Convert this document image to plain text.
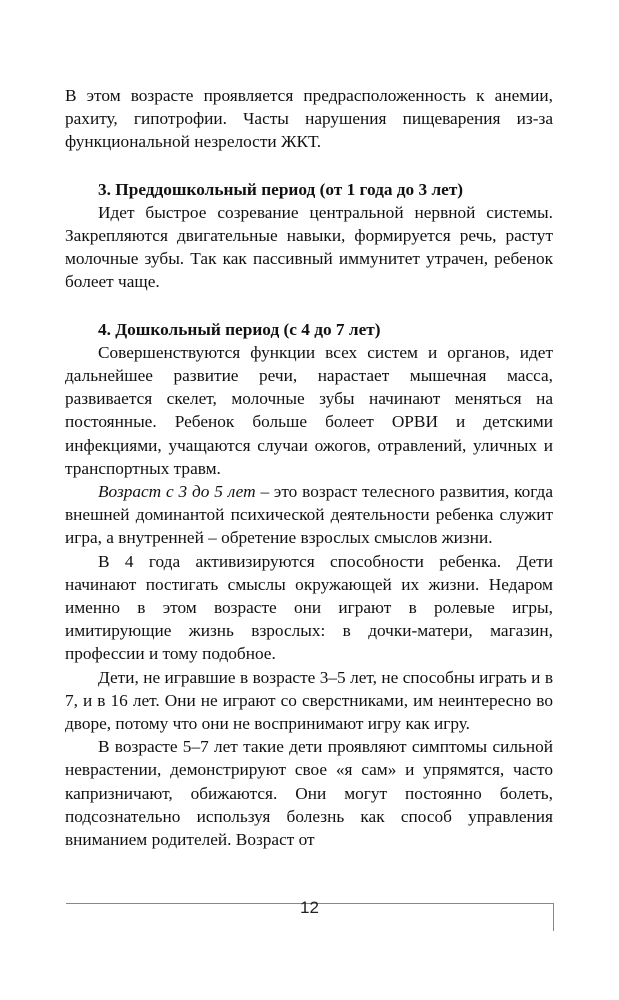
В этом возрасте проявляется предрасположенность к анемии, рахиту, гипотрофии. Часты нарушения пищеварения из-за функциональной незрелости ЖКТ.

3. Преддошкольный период (от 1 года до 3 лет)

Идет быстрое созревание центральной нервной системы. Закрепляются двигательные навыки, формируется речь, растут молочные зубы. Так как пассивный иммунитет утрачен, ребенок болеет чаще.

4. Дошкольный период (с 4 до 7 лет)

Совершенствуются функции всех систем и органов, идет дальнейшее развитие речи, нарастает мышечная масса, развивается скелет, молочные зубы начинают меняться на постоянные. Ребенок больше болеет ОРВИ и детскими инфекциями, учащаются случаи ожогов, отравлений, уличных и транспортных травм.

Возраст с 3 до 5 лет – это возраст телесного развития, когда внешней доминантой психической деятельности ребенка служит игра, а внутренней – обретение взрослых смыслов жизни.

В 4 года активизируются способности ребенка. Дети начинают постигать смыслы окружающей их жизни. Недаром именно в этом возрасте они играют в ролевые игры, имитирующие жизнь взрослых: в дочки-матери, магазин, профессии и тому подобное.

Дети, не игравшие в возрасте 3–5 лет, не способны играть и в 7, и в 16 лет. Они не играют со сверстниками, им неинтересно во дворе, потому что они не воспринимают игру как игру.

В возрасте 5–7 лет такие дети проявляют симптомы сильной неврастении, демонстрируют свое «я сам» и упрямятся, часто капризничают, обижаются. Они могут постоянно болеть, подсознательно используя болезнь как способ управления вниманием родителей. Возраст от

12
